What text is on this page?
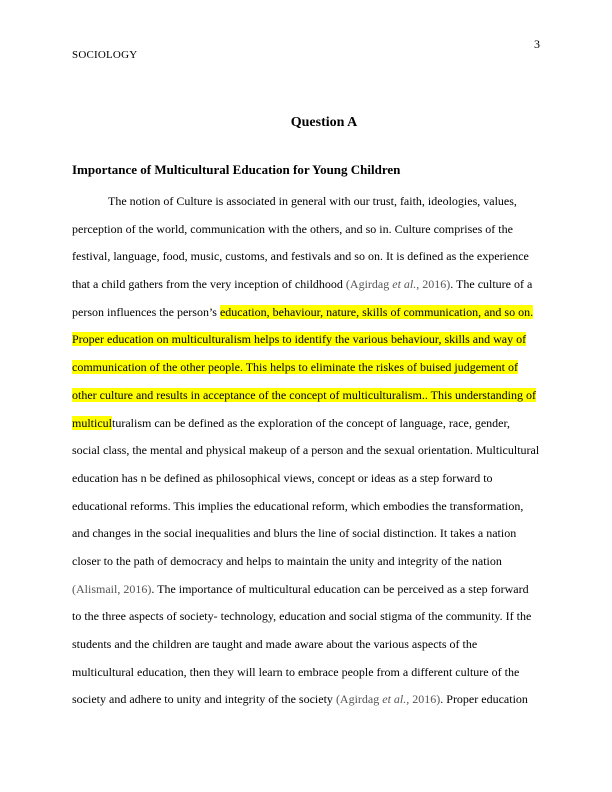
3
SOCIOLOGY
Question A
Importance of Multicultural Education for Young Children
The notion of Culture is associated in general with our trust, faith, ideologies, values,
perception of the world, communication with the others, and so in. Culture comprises of the
festival, language, food, music, customs, and festivals and so on. It is defined as the experience
that a child gathers from the very inception of childhood (Agirdag et al., 2016). The culture of a
person influences the person’s education, behaviour, nature, skills of communication, and so on.
Proper education on multiculturalism helps to identify the various behaviour, skills and way of
communication of the other people. This helps to eliminate the riskes of buised judgement of
other culture and results in acceptance of the concept of multiculturalism.. This understanding of
multiculturalism can be defined as the exploration of the concept of language, race, gender,
social class, the mental and physical makeup of a person and the sexual orientation. Multicultural
education has n be defined as philosophical views, concept or ideas as a step forward to
educational reforms. This implies the educational reform, which embodies the transformation,
and changes in the social inequalities and blurs the line of social distinction. It takes a nation
closer to the path of democracy and helps to maintain the unity and integrity of the nation
(Alismail, 2016). The importance of multicultural education can be perceived as a step forward
to the three aspects of society- technology, education and social stigma of the community. If the
students and the children are taught and made aware about the various aspects of the
multicultural education, then they will learn to embrace people from a different culture of the
society and adhere to unity and integrity of the society (Agirdag et al., 2016). Proper education
